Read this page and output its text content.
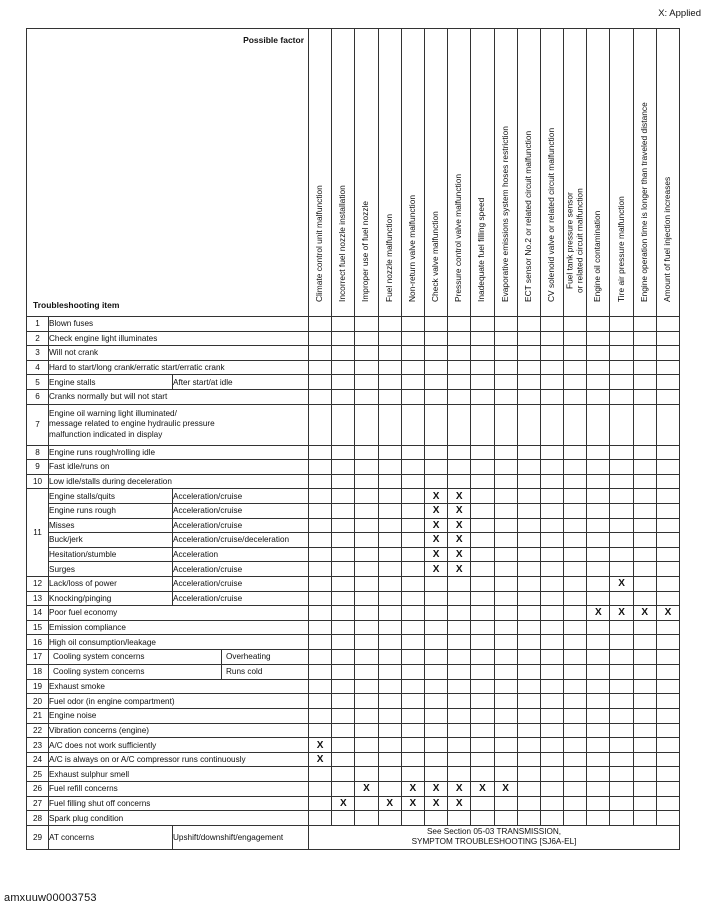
X: Applied
Possible factor
Troubleshooting item			Climate control unit malfunction	Incorrect fuel nozzle installation	Improper use of fuel nozzle	Fuel nozzle malfunction	Non-return valve malfunction	Check valve malfunction	Pressure control valve malfunction	Inadequate fuel filling speed	Evaporative emissions system hoses restriction	ECT sensor No.2 or related circuit malfunction	CV solenoid valve or related circuit malfunction	Fuel tank pressure sensor
or related circuit malfunction	Engine oil contamination	Tire air pressure malfunction	Engine operation time is longer than traveled distance	Amount of fuel injection increases

1	Blown fuses																	
2	Check engine light illuminates																	
3	Will not crank																	
4	Hard to start/long crank/erratic start/erratic crank																	
5	Engine stalls	After start/at idle																
6	Cranks normally but will not start																	
7	Engine oil warning light illuminated/
message related to engine hydraulic pressure
malfunction indicated in display																	
8	Engine runs rough/rolling idle																	
9	Fast idle/runs on																	
10	Low idle/stalls during deceleration																	
11	Engine stalls/quits	Acceleration/cruise						X	X									
	Engine runs rough	Acceleration/cruise						X	X									
	Misses	Acceleration/cruise						X	X									
	Buck/jerk	Acceleration/cruise/deceleration						X	X									
	Hesitation/stumble	Acceleration						X	X									
	Surges	Acceleration/cruise						X	X									
12	Lack/loss of power	Acceleration/cruise														X		
13	Knocking/pinging	Acceleration/cruise																
14	Poor fuel economy														X	X	X	X
15	Emission compliance																	
16	High oil consumption/leakage																	
17	Cooling system concerns Overheating																	
18	Cooling system concerns Runs cold																	
19	Exhaust smoke																	
20	Fuel odor (in engine compartment)																	
21	Engine noise																	
22	Vibration concerns (engine)																	
23	A/C does not work sufficiently		X															
24	A/C is always on or A/C compressor runs continuously		X															
25	Exhaust sulphur smell																	
26	Fuel refill concerns				X		X	X	X	X	X							
27	Fuel filling shut off concerns			X		X	X	X	X									
28	Spark plug condition																	
29	AT concerns	Upshift/downshift/engagement	See Section 05-03 TRANSMISSION,
SYMPTOM TROUBLESHOOTING [SJ6A-EL]															
amxuuw00003753
